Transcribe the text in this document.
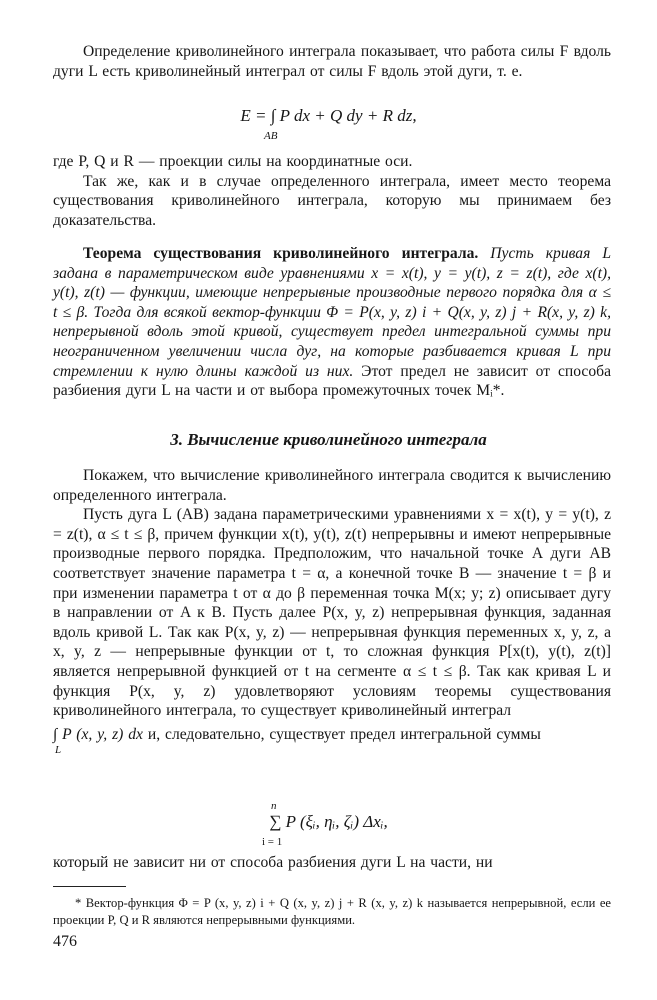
Определение криволинейного интеграла показывает, что работа силы F вдоль дуги L есть криволинейный интеграл от силы F вдоль этой дуги, т. е.

E = ∫ P dx + Q dy + R dz,
AB

где P, Q и R — проекции силы на координатные оси.

Так же, как и в случае определенного интеграла, имеет место теорема существования криволинейного интеграла, которую мы принимаем без доказательства.

Теорема существования криволинейного интеграла. Пусть кривая L задана в параметрическом виде уравнениями x = x(t), y = y(t), z = z(t), где x(t), y(t), z(t) — функции, имеющие непрерывные производные первого порядка для α ≤ t ≤ β. Тогда для всякой вектор-функции Φ = P(x, y, z) i + Q(x, y, z) j + R(x, y, z) k, непрерывной вдоль этой кривой, существует предел интегральной суммы при неограниченном увеличении числа дуг, на которые разбивается кривая L при стремлении к нулю длины каждой из них. Этот предел не зависит от способа разбиения дуги L на части и от выбора промежуточных точек Mᵢ*.

3. Вычисление криволинейного интеграла

Покажем, что вычисление криволинейного интеграла сводится к вычислению определенного интеграла.

Пусть дуга L (AB) задана параметрическими уравнениями x = x(t), y = y(t), z = z(t), α ≤ t ≤ β, причем функции x(t), y(t), z(t) непрерывны и имеют непрерывные производные первого порядка. Предположим, что начальной точке A дуги AB соответствует значение параметра t = α, а конечной точке B — значение t = β и при изменении параметра t от α до β переменная точка M(x; y; z) описывает дугу в направлении от A к B. Пусть далее P(x, y, z) непрерывная функция, заданная вдоль кривой L. Так как P(x, y, z) — непрерывная функция переменных x, y, z, а x, y, z — непрерывные функции от t, то сложная функция P[x(t), y(t), z(t)] является непрерывной функцией от t на сегменте α ≤ t ≤ β. Так как кривая L и функция P(x, y, z) удовлетворяют условиям теоремы существования криволинейного интеграла, то существует криволинейный интеграл

∫ P (x, y, z) dx
L
и, следовательно, существует предел интегральной суммы

n
∑ P (ξᵢ, ηᵢ, ζᵢ) Δxᵢ,
i = 1

который не зависит ни от способа разбиения дуги L на части, ни

* Вектор-функция Φ = P (x, y, z) i + Q (x, y, z) j + R (x, y, z) k называется непрерывной, если ее проекции P, Q и R являются непрерывными функциями.

476
